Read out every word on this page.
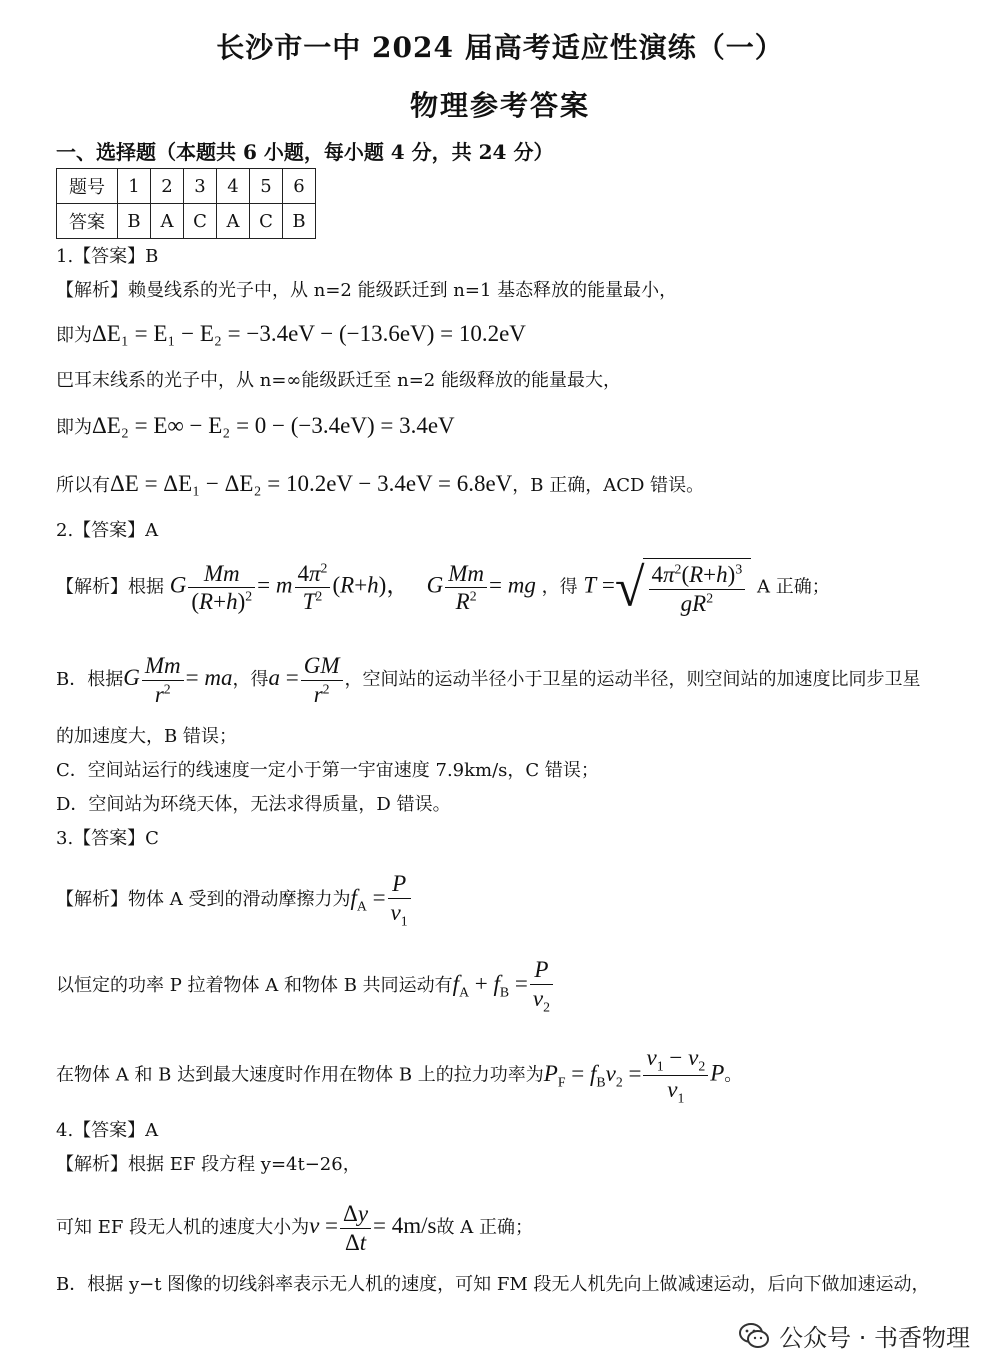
长沙市一中 2024 届高考适应性演练（一）
物理参考答案
一、选择题（本题共 6 小题，每小题 4 分，共 24 分）
题号	1	2	3	4	5	6
答案	B	A	C	A	C	B
1.【答案】B
【解析】赖曼线系的光子中，从 n=2 能级跃迁到 n=1 基态释放的能量最小，
即为ΔE₁ = E₁ − E₂ = −3.4eV − (−13.6eV) = 10.2eV
巴耳末线系的光子中，从 n=∞能级跃迁至 n=2 能级释放的能量最大，
即为ΔE₂ = E∞ − E₂ = 0 − (−3.4eV) = 3.4eV
所以有ΔE = ΔE₁ − ΔE₂ = 10.2eV − 3.4eV = 6.8eV，B 正确，ACD 错误。
2.【答案】A
【解析】根据 G $\frac{Mm}{(R+h)^2} = m \frac{4\pi^2}{T^2} (R+h)$，   G $\frac{Mm}{R^2}$ = mg ，得 T =√ $\frac{4\pi^2(R+h)^3}{gR^2}$ A 正确；
B．根据G $\frac{Mm}{r^2}$ = ma，得$a = \frac{GM}{r^2}$ ，空间站的运动半径小于卫星的运动半径，则空间站的加速度比同步卫星
的加速度大，B 错误；
C．空间站运行的线速度一定小于第一宇宙速度 7.9km/s，C 错误；
D．空间站为环绕天体，无法求得质量，D 错误。
3.【答案】C
【解析】物体 A 受到的滑动摩擦力为$f_A = \frac{P}{v_1}$
以恒定的功率 P 拉着物体 A 和物体 B 共同运动有$f_A + f_B = \frac{P}{v_2}$
在物体 A 和 B 达到最大速度时作用在物体 B 上的拉力功率为$P_F = f_Bv_2 = \frac{v_1 - v_2}{v_1}$ P。
4.【答案】A
【解析】根据 EF 段方程 y=4t−26，
可知 EF 段无人机的速度大小为$v = \frac{\Delta y}{\Delta t} = 4m/s$故 A 正确；
B．根据 y−t 图像的切线斜率表示无人机的速度，可知 FM 段无人机先向上做减速运动，后向下做加速运动，
公众号 · 书香物理
